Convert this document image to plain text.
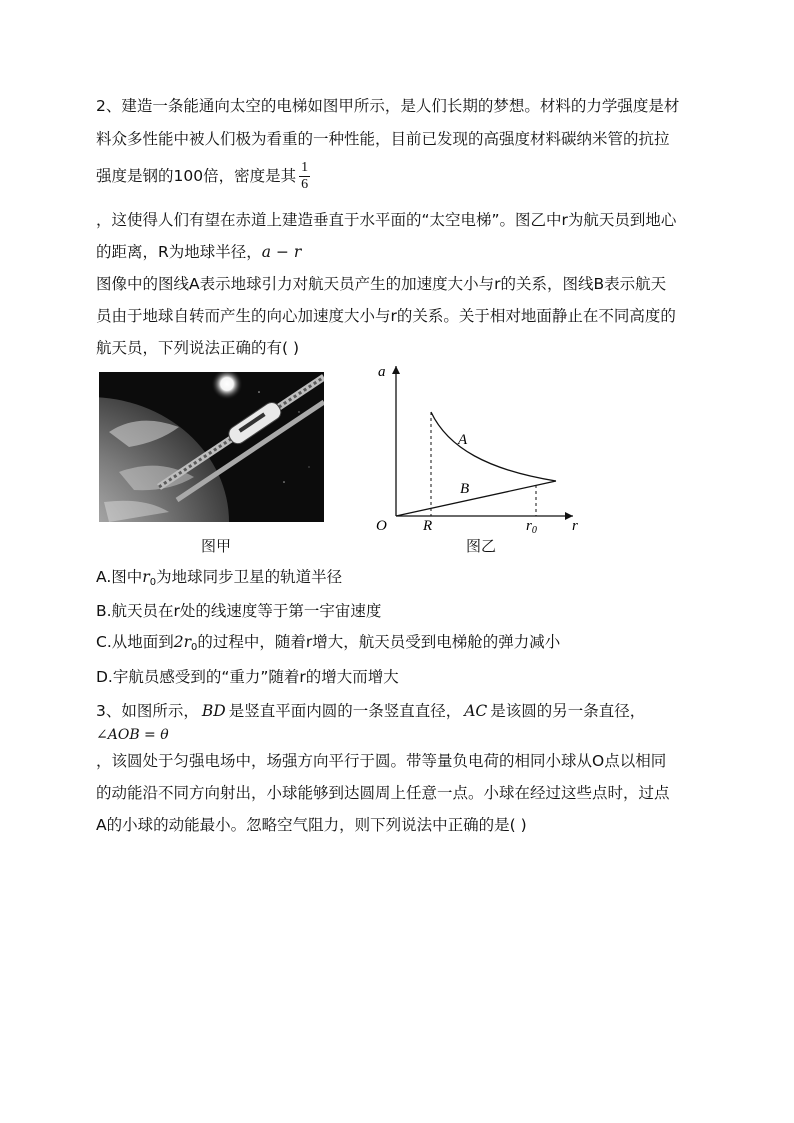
2、建造一条能通向太空的电梯如图甲所示，是人们长期的梦想。材料的力学强度是材
料众多性能中被人们极为看重的一种性能，目前已发现的高强度材料碳纳米管的抗拉
强度是钢的100倍，密度是其 $\frac{1}{6}$
，这使得人们有望在赤道上建造垂直于水平面的“太空电梯”。图乙中r为航天员到地心
的距离，R为地球半径，a − r
图像中的图线A表示地球引力对航天员产生的加速度大小与r的关系，图线B表示航天
员由于地球自转而产生的向心加速度大小与r的关系。关于相对地面静止在不同高度的
航天员，下列说法正确的有( )
图甲
a
r
O R	$r_0$
A
B
图乙
A.图中$r_0$为地球同步卫星的轨道半径
B.航天员在r处的线速度等于第一宇宙速度
C.从地面到$2r_0$的过程中，随着r增大，航天员受到电梯舱的弹力减小
D.宇航员感受到的“重力”随着r的增大而增大
3、如图所示， BD 是竖直平面内圆的一条竖直直径， AC 是该圆的另一条直径，
∠AOB = θ
，该圆处于匀强电场中，场强方向平行于圆。带等量负电荷的相同小球从O点以相同
的动能沿不同方向射出，小球能够到达圆周上任意一点。小球在经过这些点时，过点
A的小球的动能最小。忽略空气阻力，则下列说法中正确的是( )
